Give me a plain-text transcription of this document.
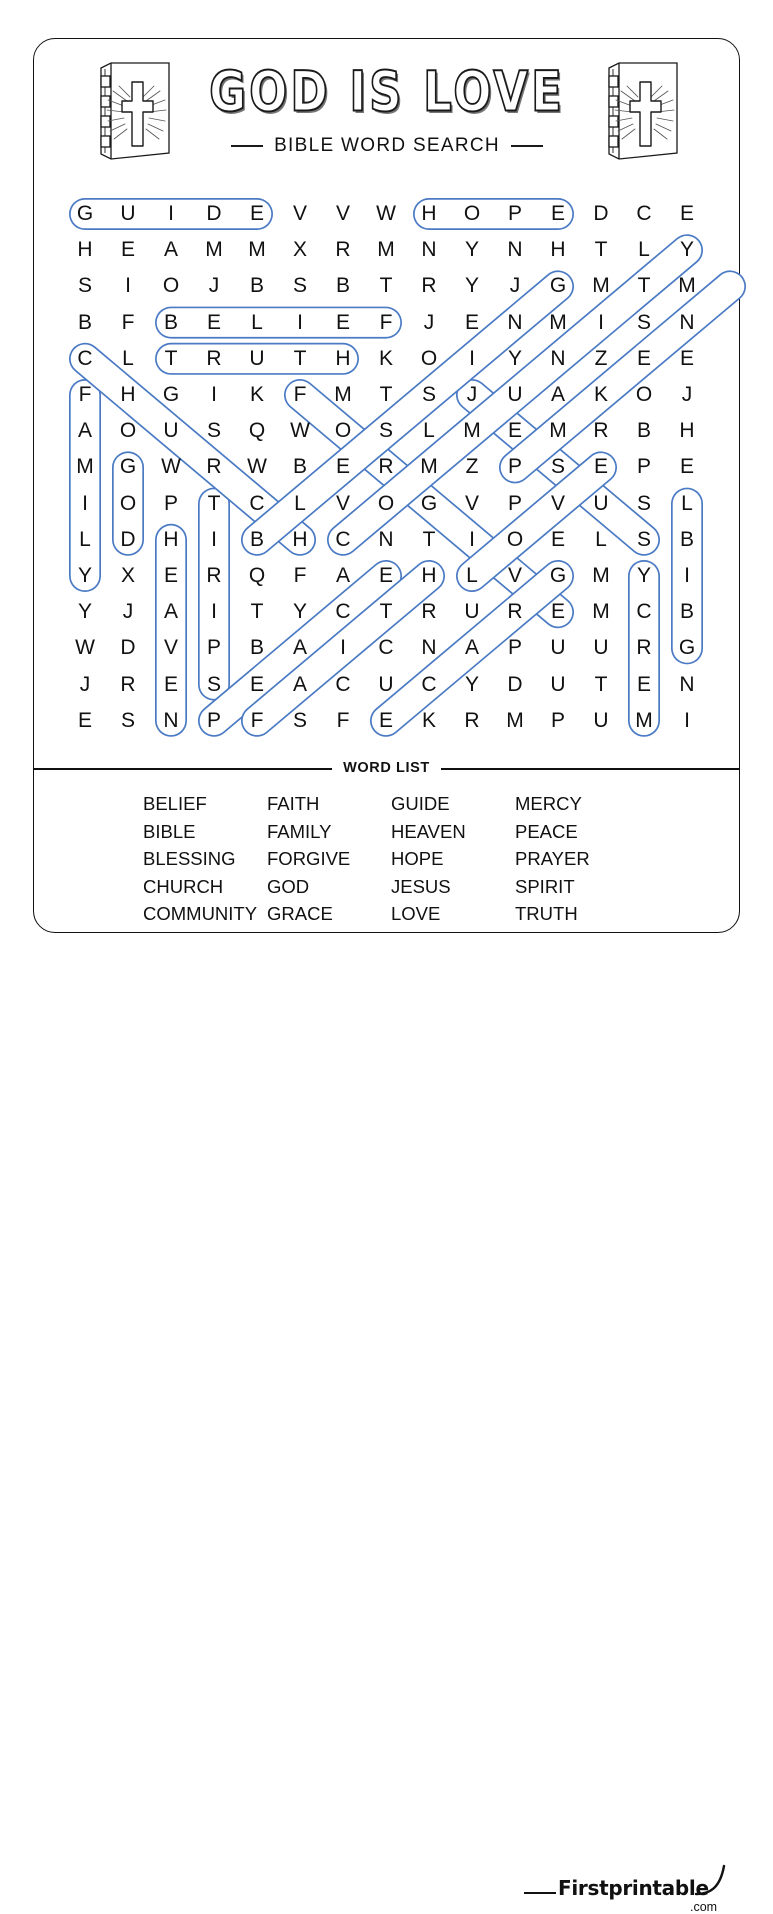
GOD IS LOVE
BIBLE WORD SEARCH
G	U	I	D	E	V	V	W	H	O	P	E	D	C	E
H	E	A	M	M	X	R	M	N	Y	N	H	T	L	Y
S	I	O	J	B	S	B	T	R	Y	J	G	M	T	M
B	F	B	E	L	I	E	F	J	E	N	M	I	S	N
C	L	T	R	U	T	H	K	O	I	Y	N	Z	E	E
F	H	G	I	K	F	M	T	S	J	U	A	K	O	J
A	O	U	S	Q	W	O	S	L	M	E	M	R	B	H
M	G	W	R	W	B	E	R	M	Z	P	S	E	P	E
I	O	P	T	C	L	V	O	G	V	P	V	U	S	L
L	D	H	I	B	H	C	N	T	I	O	E	L	S	B
Y	X	E	R	Q	F	A	E	H	L	V	G	M	Y	I
Y	J	A	I	T	Y	C	T	R	U	R	E	M	C	B
W	D	V	P	B	A	I	C	N	A	P	U	U	R	G
J	R	E	S	E	A	C	U	C	Y	D	U	T	E	N
E	S	N	P	F	S	F	E	K	R	M	P	U	M	I
WORD LIST
BELIEF
BIBLE
BLESSING
CHURCH
COMMUNITY
FAITH
FAMILY
FORGIVE
GOD
GRACE
GUIDE
HEAVEN
HOPE
JESUS
LOVE
MERCY
PEACE
PRAYER
SPIRIT
TRUTH
Firstprintable
.com
